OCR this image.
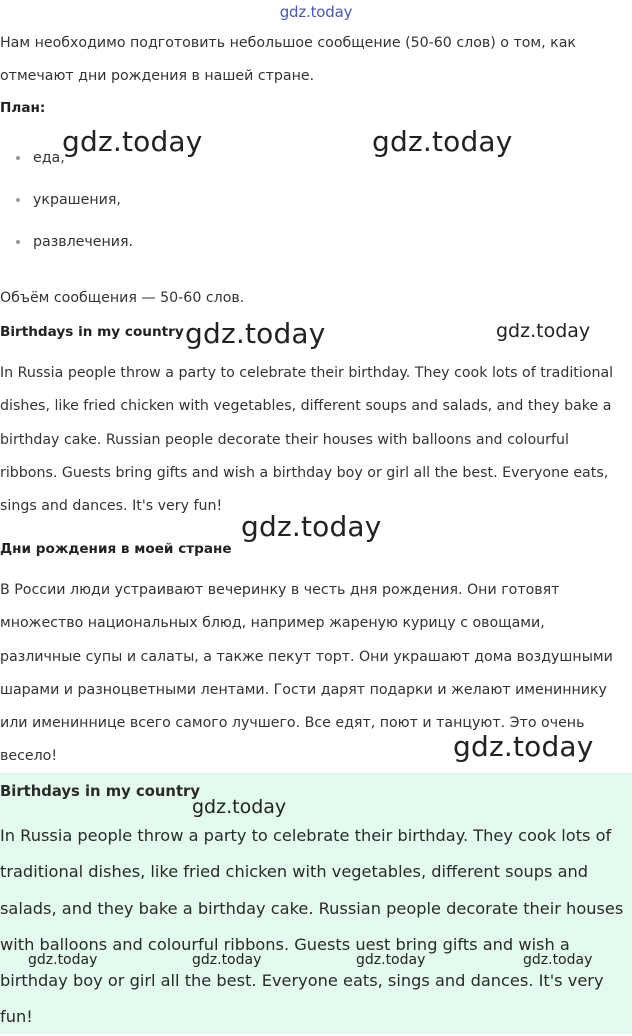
gdz.today

Нам необходимо подготовить небольшое сообщение (50-60 слов) о том, как отмечают дни рождения в нашей стране.

План:
еда,
украшения,
развлечения.

Объём сообщения — 50-60 слов.

Birthdays in my country

In Russia people throw a party to celebrate their birthday. They cook lots of traditional dishes, like fried chicken with vegetables, different soups and salads, and they bake a birthday cake. Russian people decorate their houses with balloons and colourful ribbons. Guests bring gifts and wish a birthday boy or girl all the best. Everyone eats, sings and dances. It's very fun!

Дни рождения в моей стране

В России люди устраивают вечеринку в честь дня рождения. Они готовят множество национальных блюд, например жареную курицу с овощами, различные супы и салаты, а также пекут торт. Они украшают дома воздушными шарами и разноцветными лентами. Гости дарят подарки и желают имениннику или имениннице всего самого лучшего. Все едят, поют и танцуют. Это очень весело!

Birthdays in my country

In Russia people throw a party to celebrate their birthday. They cook lots of traditional dishes, like fried chicken with vegetables, different soups and salads, and they bake a birthday cake. Russian people decorate their houses with balloons and colourful ribbons. Guests uest bring gifts and wish a birthday boy or girl all the best. Everyone eats, sings and dances. It's very fun!

gdz.today	gdz.today
gdz.today	gdz.today
gdz.today
gdz.today
gdz.today
gdz.today	gdz.today	gdz.today	gdz.today
